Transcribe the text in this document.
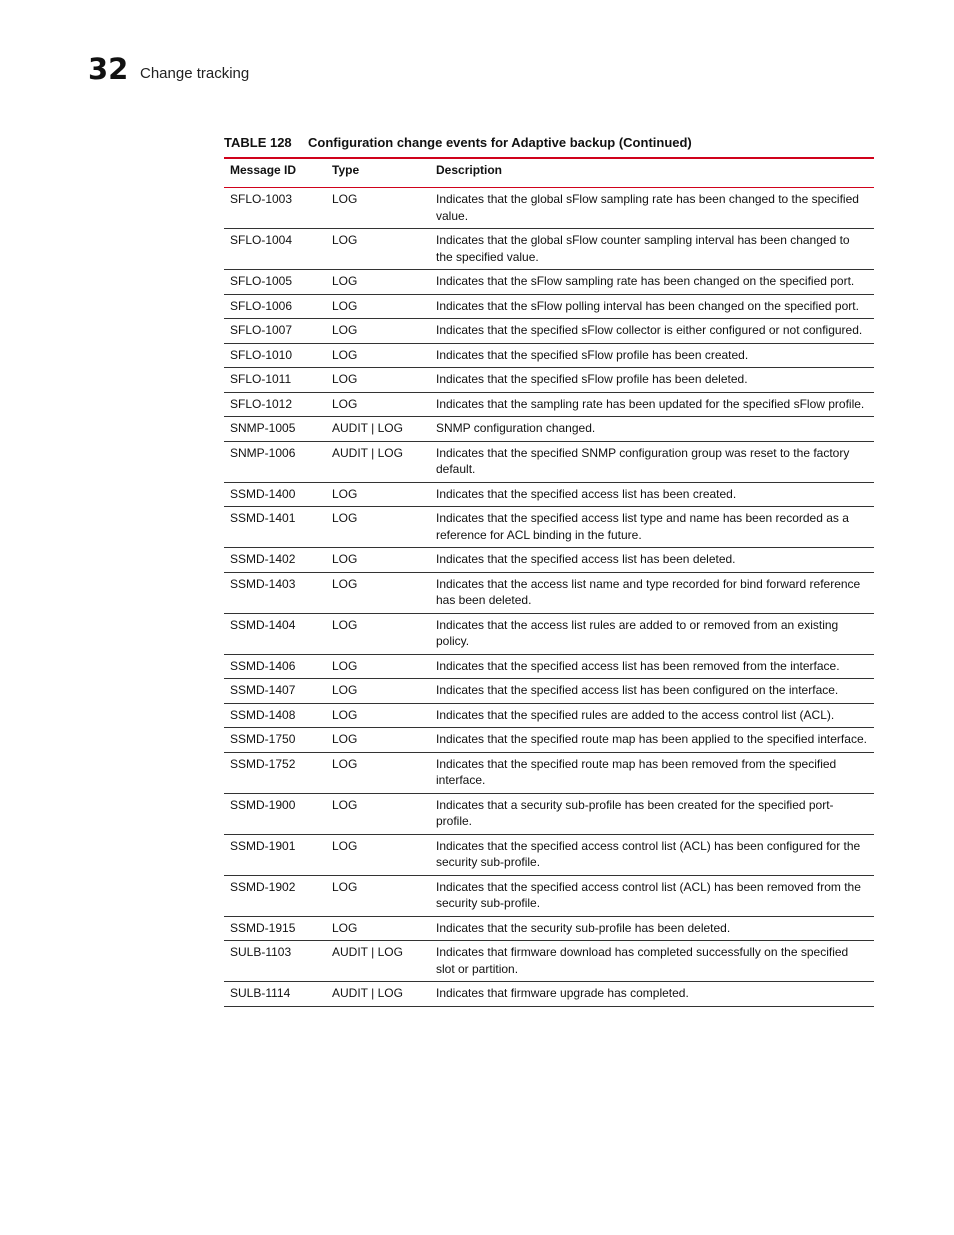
32 Change tracking
TABLE 128 Configuration change events for Adaptive backup (Continued)
Message ID	Type	Description
SFLO-1003	LOG	Indicates that the global sFlow sampling rate has been changed to the specified value.
SFLO-1004	LOG	Indicates that the global sFlow counter sampling interval has been changed to the specified value.
SFLO-1005	LOG	Indicates that the sFlow sampling rate has been changed on the specified port.
SFLO-1006	LOG	Indicates that the sFlow polling interval has been changed on the specified port.
SFLO-1007	LOG	Indicates that the specified sFlow collector is either configured or not configured.
SFLO-1010	LOG	Indicates that the specified sFlow profile has been created.
SFLO-1011	LOG	Indicates that the specified sFlow profile has been deleted.
SFLO-1012	LOG	Indicates that the sampling rate has been updated for the specified sFlow profile.
SNMP-1005	AUDIT | LOG	SNMP configuration changed.
SNMP-1006	AUDIT | LOG	Indicates that the specified SNMP configuration group was reset to the factory default.
SSMD-1400	LOG	Indicates that the specified access list has been created.
SSMD-1401	LOG	Indicates that the specified access list type and name has been recorded as a reference for ACL binding in the future.
SSMD-1402	LOG	Indicates that the specified access list has been deleted.
SSMD-1403	LOG	Indicates that the access list name and type recorded for bind forward reference has been deleted.
SSMD-1404	LOG	Indicates that the access list rules are added to or removed from an existing policy.
SSMD-1406	LOG	Indicates that the specified access list has been removed from the interface.
SSMD-1407	LOG	Indicates that the specified access list has been configured on the interface.
SSMD-1408	LOG	Indicates that the specified rules are added to the access control list (ACL).
SSMD-1750	LOG	Indicates that the specified route map has been applied to the specified interface.
SSMD-1752	LOG	Indicates that the specified route map has been removed from the specified interface.
SSMD-1900	LOG	Indicates that a security sub-profile has been created for the specified port-profile.
SSMD-1901	LOG	Indicates that the specified access control list (ACL) has been configured for the security sub-profile.
SSMD-1902	LOG	Indicates that the specified access control list (ACL) has been removed from the security sub-profile.
SSMD-1915	LOG	Indicates that the security sub-profile has been deleted.
SULB-1103	AUDIT | LOG	Indicates that firmware download has completed successfully on the specified slot or partition.
SULB-1114	AUDIT | LOG	Indicates that firmware upgrade has completed.
